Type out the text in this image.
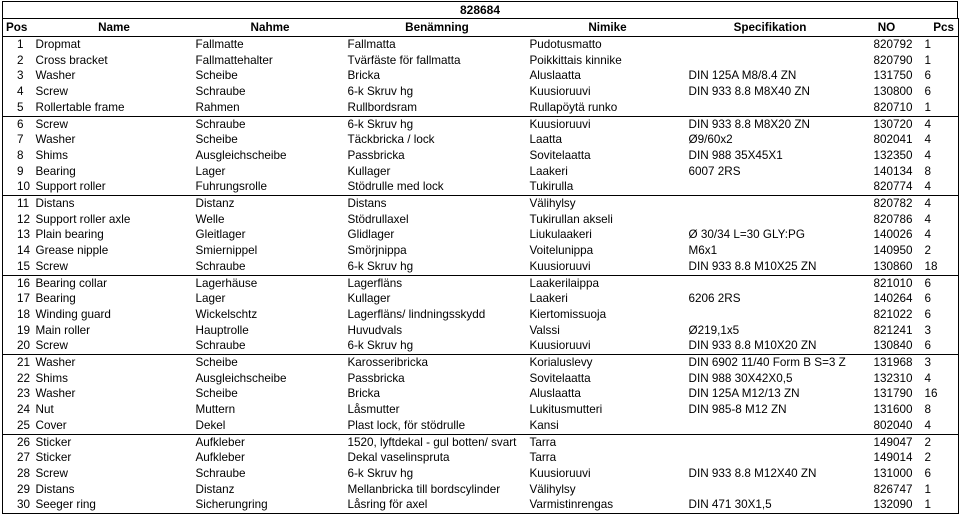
828684
Pos	Name	Nahme	Benämning	Nimike	Specifikation	NO	Pcs
1	Dropmat	Fallmatte	Fallmatta	Pudotusmatto		820792	1
2	Cross bracket	Fallmattehalter	Tvärfäste för fallmatta	Poikkittais kinnike		820790	1
3	Washer	Scheibe	Bricka	Aluslaatta	DIN 125A M8/8.4 ZN	131750	6
4	Screw	Schraube	6-k Skruv hg	Kuusioruuvi	DIN 933 8.8 M8X40 ZN	130800	6
5	Rollertable frame	Rahmen	Rullbordsram	Rullapöytä runko		820710	1
6	Screw	Schraube	6-k Skruv hg	Kuusioruuvi	DIN 933 8.8 M8X20 ZN	130720	4
7	Washer	Scheibe	Täckbricka / lock	Laatta	Ø9/60x2	802041	4
8	Shims	Ausgleichscheibe	Passbricka	Sovitelaatta	DIN 988 35X45X1	132350	4
9	Bearing	Lager	Kullager	Laakeri	6007 2RS	140134	8
10	Support roller	Fuhrungsrolle	Stödrulle med lock	Tukirulla		820774	4
11	Distans	Distanz	Distans	Välihylsy		820782	4
12	Support roller axle	Welle	Stödrullaxel	Tukirullan akseli		820786	4
13	Plain bearing	Gleitlager	Glidlager	Liukulaakeri	Ø 30/34 L=30 GLY:PG	140026	4
14	Grease nipple	Smiernippel	Smörjnippa	Voitelunippa	M6x1	140950	2
15	Screw	Schraube	6-k Skruv hg	Kuusioruuvi	DIN 933 8.8 M10X25 ZN	130860	18
16	Bearing collar	Lagerhäuse	Lagerfläns	Laakerilaippa		821010	6
17	Bearing	Lager	Kullager	Laakeri	6206 2RS	140264	6
18	Winding guard	Wickelschtz	Lagerfläns/ lindningsskydd	Kiertomissuoja		821022	6
19	Main roller	Hauptrolle	Huvudvals	Valssi	Ø219,1x5	821241	3
20	Screw	Schraube	6-k Skruv hg	Kuusioruuvi	DIN 933 8.8 M10X20 ZN	130840	6
21	Washer	Scheibe	Karosseribricka	Korialuslevy	DIN 6902 11/40 Form B S=3 Z	131968	3
22	Shims	Ausgleichscheibe	Passbricka	Sovitelaatta	DIN 988 30X42X0,5	132310	4
23	Washer	Scheibe	Bricka	Aluslaatta	DIN 125A M12/13 ZN	131790	16
24	Nut	Muttern	Låsmutter	Lukitusmutteri	DIN 985-8 M12 ZN	131600	8
25	Cover	Dekel	Plast lock, för stödrulle	Kansi		802040	4
26	Sticker	Aufkleber	1520, lyftdekal - gul botten/ svart	Tarra		149047	2
27	Sticker	Aufkleber	Dekal vaselinspruta	Tarra		149014	2
28	Screw	Schraube	6-k Skruv hg	Kuusioruuvi	DIN 933 8.8 M12X40 ZN	131000	6
29	Distans	Distanz	Mellanbricka till bordscylinder	Välihylsy		826747	1
30	Seeger ring	Sicherungring	Låsring för axel	Varmistinrengas	DIN 471 30X1,5	132090	1
